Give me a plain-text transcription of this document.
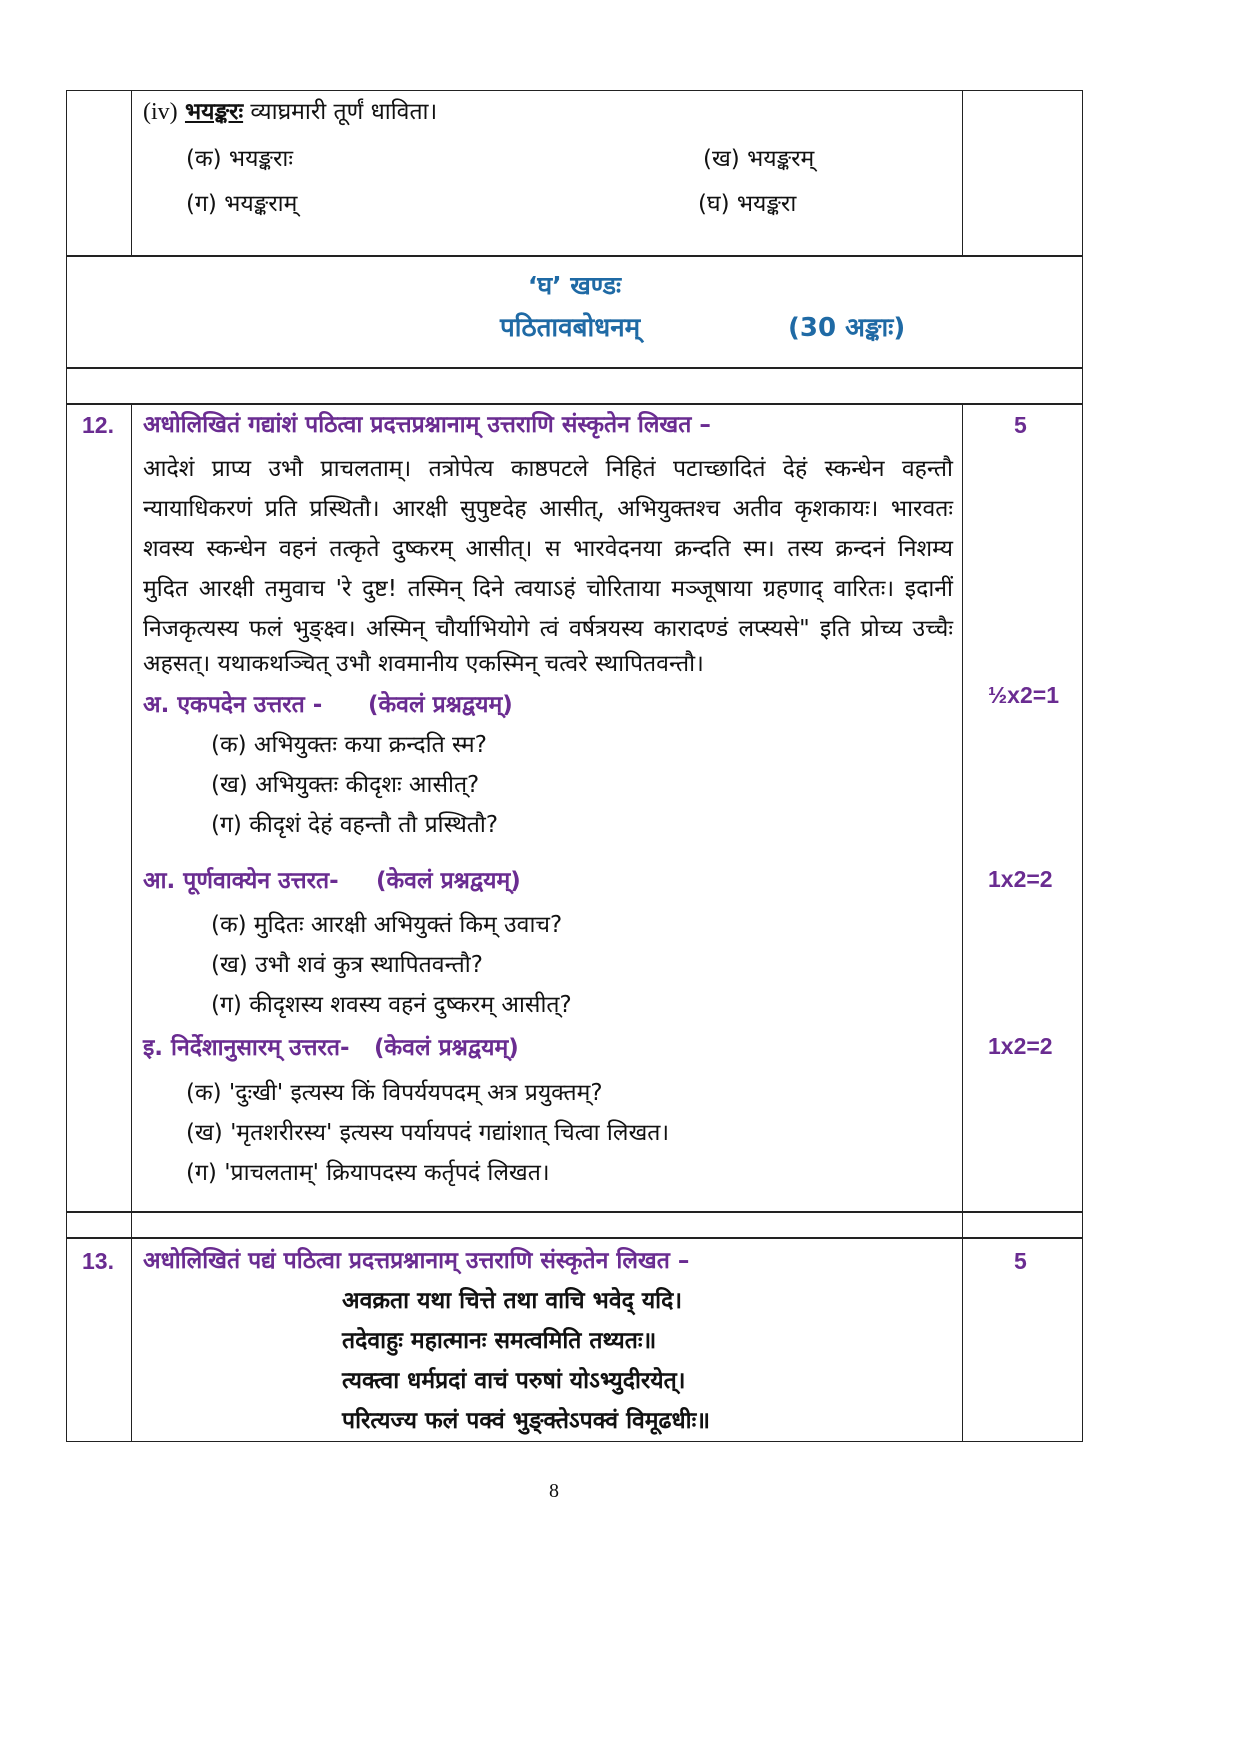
(iv) भयङ्करः व्याघ्रमारी तूर्णं धाविता।
(क) भयङ्कराः	(ख) भयङ्करम्
(ग) भयङ्कराम्	(घ) भयङ्करा
‘घ’ खण्डः
पठितावबोधनम्	(30 अङ्काः)
12. अधोलिखितं गद्यांशं पठित्वा प्रदत्तप्रश्नानाम् उत्तराणि संस्कृतेन लिखत –	5
आदेशं प्राप्य उभौ प्राचलताम्। तत्रोपेत्य काष्ठपटले निहितं पटाच्छादितं देहं स्कन्धेन वहन्तौ
न्यायाधिकरणं प्रति प्रस्थितौ। आरक्षी सुपुष्टदेह आसीत्, अभियुक्तश्च अतीव कृशकायः। भारवतः
शवस्य स्कन्धेन वहनं तत्कृते दुष्करम् आसीत्। स भारवेदनया क्रन्दति स्म। तस्य क्रन्दनं निशम्य
मुदित आरक्षी तमुवाच 'रे दुष्ट! तस्मिन् दिने त्वयाऽहं चोरिताया मञ्जूषाया ग्रहणाद् वारितः। इदानीं
निजकृत्यस्य फलं भुङ्क्ष्व। अस्मिन् चौर्याभियोगे त्वं वर्षत्रयस्य कारादण्डं लप्स्यसे" इति प्रोच्य उच्चैः
अहसत्। यथाकथञ्चित् उभौ शवमानीय एकस्मिन् चत्वरे स्थापितवन्तौ।
अ. एकपदेन उत्तरत - (केवलं प्रश्नद्वयम्)	½x2=1
(क) अभियुक्तः कया क्रन्दति स्म?
(ख) अभियुक्तः कीदृशः आसीत्?
(ग) कीदृशं देहं वहन्तौ तौ प्रस्थितौ?
आ. पूर्णवाक्येन उत्तरत- (केवलं प्रश्नद्वयम्)	1x2=2
(क) मुदितः आरक्षी अभियुक्तं किम् उवाच?
(ख) उभौ शवं कुत्र स्थापितवन्तौ?
(ग) कीदृशस्य शवस्य वहनं दुष्करम् आसीत्?
इ. निर्देशानुसारम् उत्तरत- (केवलं प्रश्नद्वयम्)	1x2=2
(क) 'दुःखी' इत्यस्य किं विपर्ययपदम् अत्र प्रयुक्तम्?
(ख) 'मृतशरीरस्य' इत्यस्य पर्यायपदं गद्यांशात् चित्वा लिखत।
(ग) 'प्राचलताम्' क्रियापदस्य कर्तृपदं लिखत।
13. अधोलिखितं पद्यं पठित्वा प्रदत्तप्रश्नानाम् उत्तराणि संस्कृतेन लिखत –	5
अवक्रता यथा चित्ते तथा वाचि भवेद् यदि।
तदेवाहुः महात्मानः समत्वमिति तथ्यतः॥
त्यक्त्वा धर्मप्रदां वाचं परुषां योऽभ्युदीरयेत्।
परित्यज्य फलं पक्वं भुङ्क्तेऽपक्वं विमूढधीः॥
8
